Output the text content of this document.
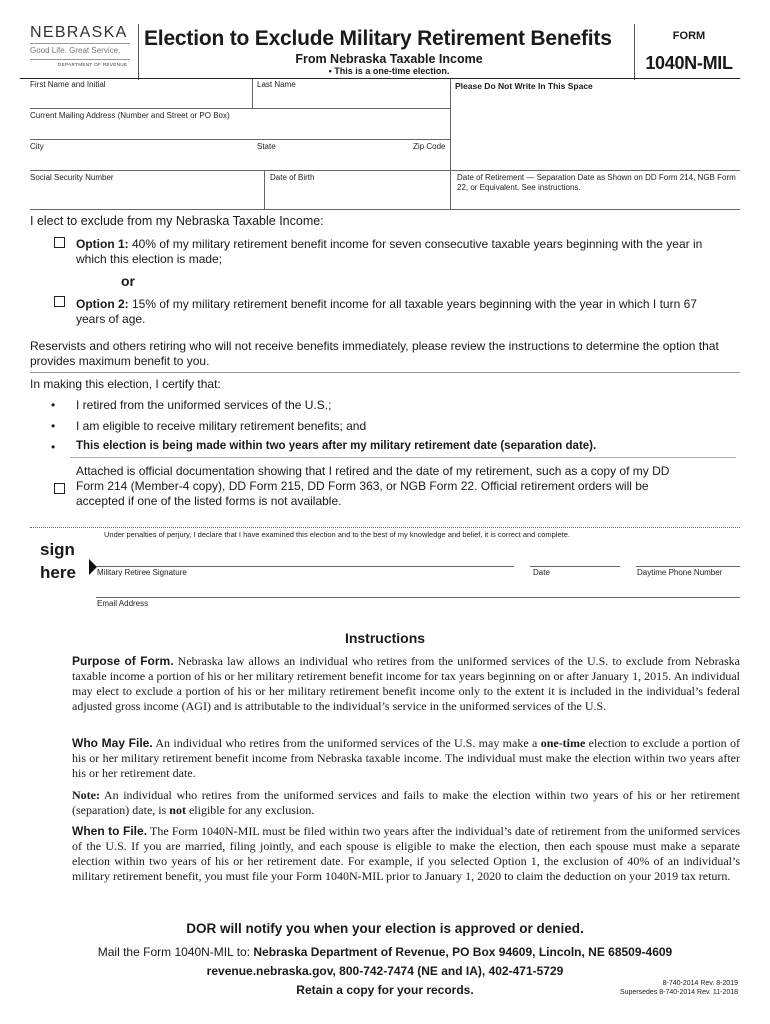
NEBRASKA
Good Life. Great Service.
DEPARTMENT OF REVENUE
Election to Exclude Military Retirement Benefits
From Nebraska Taxable Income
• This is a one-time election.
FORM
1040N-MIL
First Name and Initial	Last Name	Please Do Not Write In This Space
Current Mailing Address (Number and Street or PO Box)
City	State	Zip Code
Social Security Number	Date of Birth	Date of Retirement — Separation Date as Shown on DD Form 214, NGB Form 22, or Equivalent. See instructions.
I elect to exclude from my Nebraska Taxable Income:

Option 1: 40% of my military retirement benefit income for seven consecutive taxable years beginning with the year in which this election is made;

or

Option 2: 15% of my military retirement benefit income for all taxable years beginning with the year in which I turn 67 years of age.

Reservists and others retiring who will not receive benefits immediately, please review the instructions to determine the option that provides maximum benefit to you.

In making this election, I certify that:
• I retired from the uniformed services of the U.S.;
• I am eligible to receive military retirement benefits; and
• This election is being made within two years after my military retirement date (separation date).

Attached is official documentation showing that I retired and the date of my retirement, such as a copy of my DD Form 214 (Member-4 copy), DD Form 215, DD Form 363, or NGB Form 22. Official retirement orders will be accepted if one of the listed forms is not available.

Under penalties of perjury, I declare that I have examined this election and to the best of my knowledge and belief, it is correct and complete.
sign
here	Military Retiree Signature	Date	Daytime Phone Number
Email Address
Instructions

Purpose of Form. Nebraska law allows an individual who retires from the uniformed services of the U.S. to exclude from Nebraska taxable income a portion of his or her military retirement benefit income for tax years beginning on or after January 1, 2015. An individual may elect to exclude a portion of his or her military retirement benefit income only to the extent it is included in the individual’s federal adjusted gross income (AGI) and is attributable to the individual’s service in the uniformed services of the U.S.

Who May File. An individual who retires from the uniformed services of the U.S. may make a one-time election to exclude a portion of his or her military retirement benefit income from Nebraska taxable income. The individual must make the election within two years after his or her retirement date.

Note: An individual who retires from the uniformed services and fails to make the election within two years of his or her retirement (separation) date, is not eligible for any exclusion.

When to File. The Form 1040N-MIL must be filed within two years after the individual’s date of retirement from the uniformed services of the U.S. If you are married, filing jointly, and each spouse is eligible to make the election, then each spouse must make a separate election within two years of his or her retirement date. For example, if you selected Option 1, the exclusion of 40% of an individual’s military retirement benefit, you must file your Form 1040N-MIL prior to January 1, 2020 to claim the deduction on your 2019 tax return.

DOR will notify you when your election is approved or denied.
Mail the Form 1040N-MIL to: Nebraska Department of Revenue, PO Box 94609, Lincoln, NE 68509-4609
revenue.nebraska.gov, 800-742-7474 (NE and IA), 402-471-5729
Retain a copy for your records.	8-740-2014 Rev. 8-2019
Supersedes 8-740-2014 Rev. 11-2018
